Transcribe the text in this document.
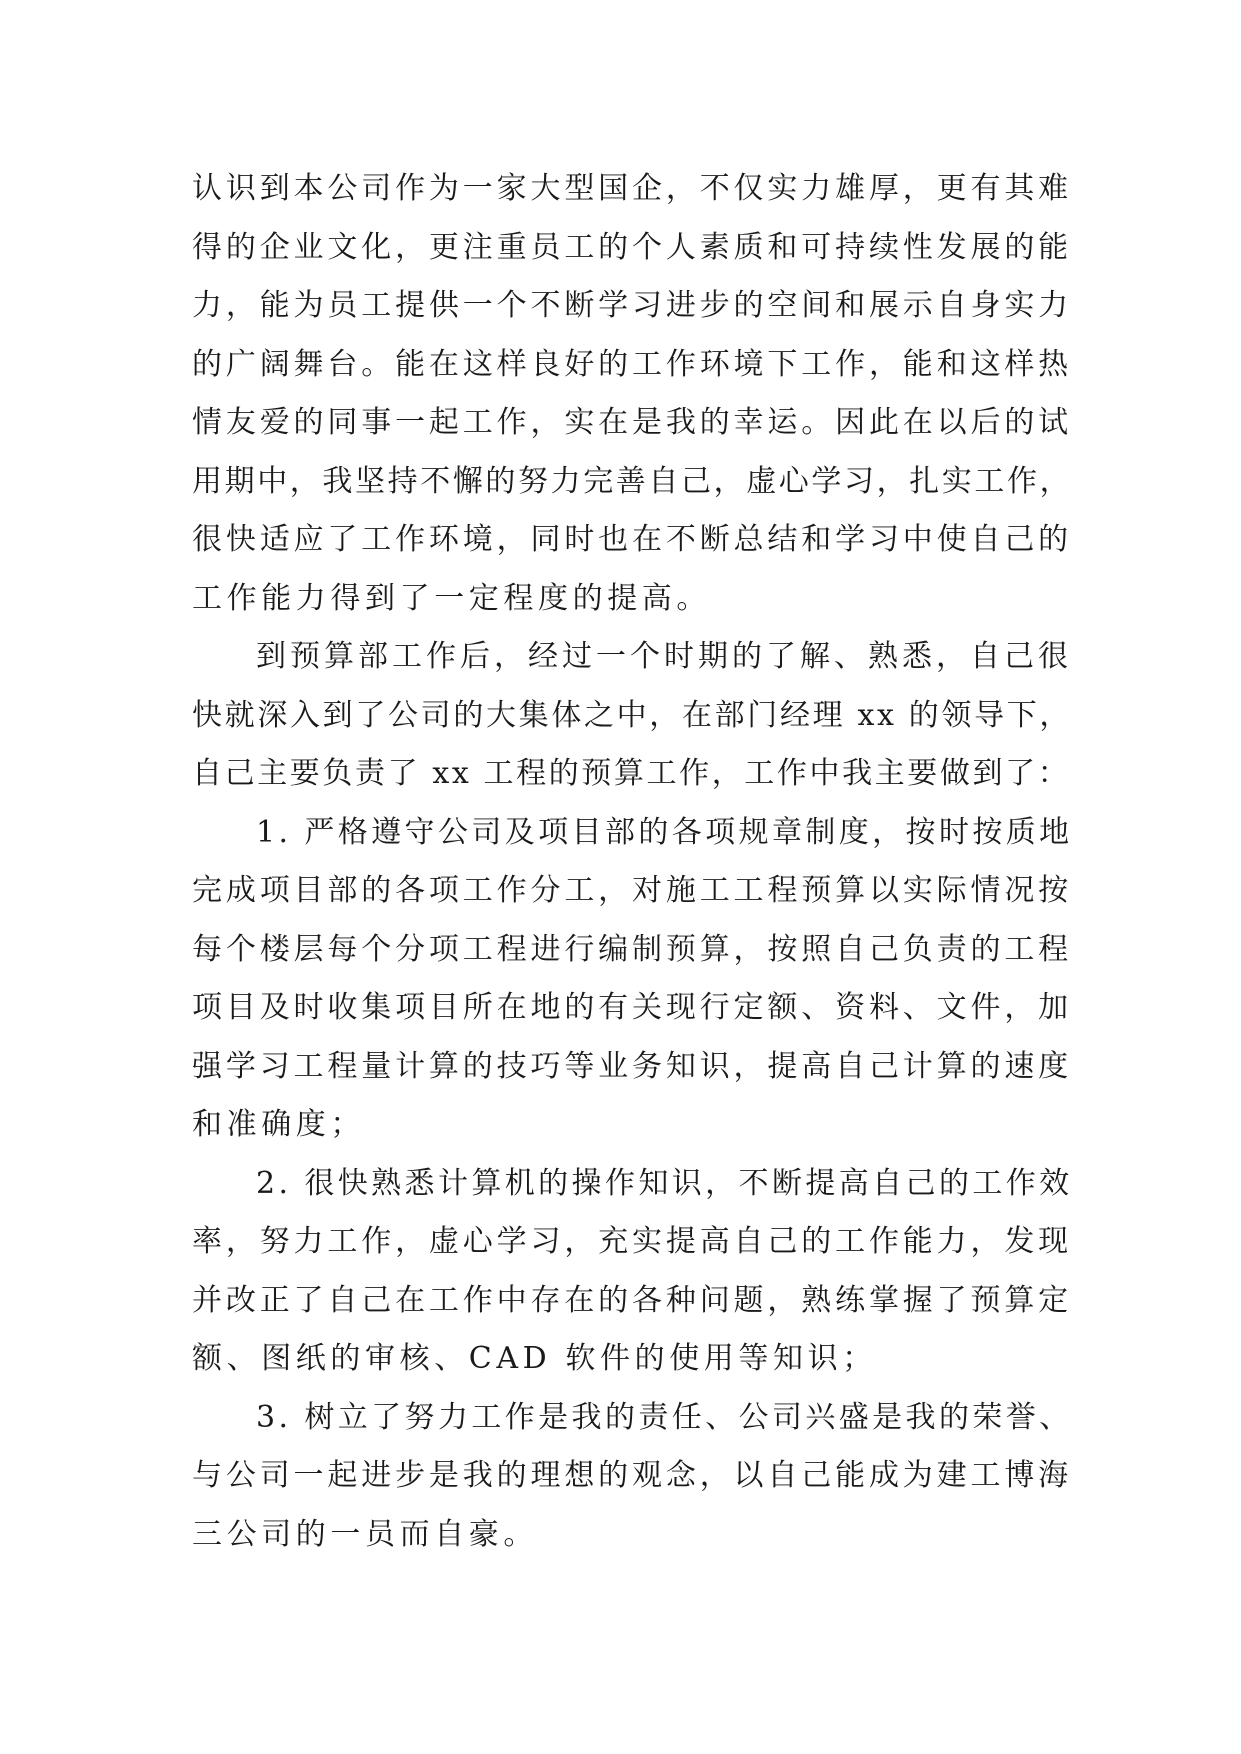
认识到本公司作为一家大型国企，不仅实力雄厚，更有其难
得的企业文化，更注重员工的个人素质和可持续性发展的能
力，能为员工提供一个不断学习进步的空间和展示自身实力
的广阔舞台。能在这样良好的工作环境下工作，能和这样热
情友爱的同事一起工作，实在是我的幸运。因此在以后的试
用期中，我坚持不懈的努力完善自己，虚心学习，扎实工作，
很快适应了工作环境，同时也在不断总结和学习中使自己的
工作能力得到了一定程度的提高。
到预算部工作后，经过一个时期的了解、熟悉，自己很
快就深入到了公司的大集体之中，在部门经理 xx 的领导下，
自己主要负责了 xx 工程的预算工作，工作中我主要做到了：
1. 严格遵守公司及项目部的各项规章制度，按时按质地
完成项目部的各项工作分工，对施工工程预算以实际情况按
每个楼层每个分项工程进行编制预算，按照自己负责的工程
项目及时收集项目所在地的有关现行定额、资料、文件，加
强学习工程量计算的技巧等业务知识，提高自己计算的速度
和准确度；
2. 很快熟悉计算机的操作知识，不断提高自己的工作效
率，努力工作，虚心学习，充实提高自己的工作能力，发现
并改正了自己在工作中存在的各种问题，熟练掌握了预算定
额、图纸的审核、CAD 软件的使用等知识；
3. 树立了努力工作是我的责任、公司兴盛是我的荣誉、
与公司一起进步是我的理想的观念，以自己能成为建工博海
三公司的一员而自豪。
